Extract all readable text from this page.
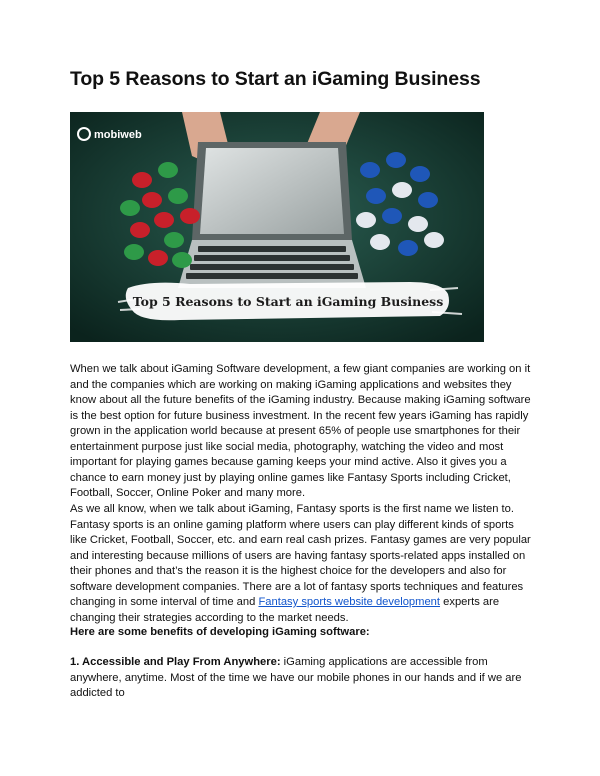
Top 5 Reasons to Start an iGaming Business
mobiweb
Top 5 Reasons to Start an iGaming Business

When we talk about iGaming Software development, a few giant companies are working on it and the companies which are working on making iGaming applications and websites they know about all the future benefits of the iGaming industry. Because making iGaming software is the best option for future business investment. In the recent few years iGaming has rapidly grown in the application world because at present 65% of people use smartphones for their entertainment purpose just like social media, photography, watching the video and most important for playing games because gaming keeps your mind active. Also it gives you a chance to earn money just by playing online games like Fantasy Sports including Cricket, Football, Soccer, Online Poker and many more.

As we all know, when we talk about iGaming, Fantasy sports is the first name we listen to. Fantasy sports is an online gaming platform where users can play different kinds of sports like Cricket, Football, Soccer, etc. and earn real cash prizes. Fantasy games are very popular and interesting because millions of users are having fantasy sports-related apps installed on their phones and that’s the reason it is the highest choice for the developers and also for software development companies. There are a lot of fantasy sports techniques and features changing in some interval of time and Fantasy sports website development experts are changing their strategies according to the market needs.

Here are some benefits of developing iGaming software:

1. Accessible and Play From Anywhere: iGaming applications are accessible from anywhere, anytime. Most of the time we have our mobile phones in our hands and if we are addicted to
